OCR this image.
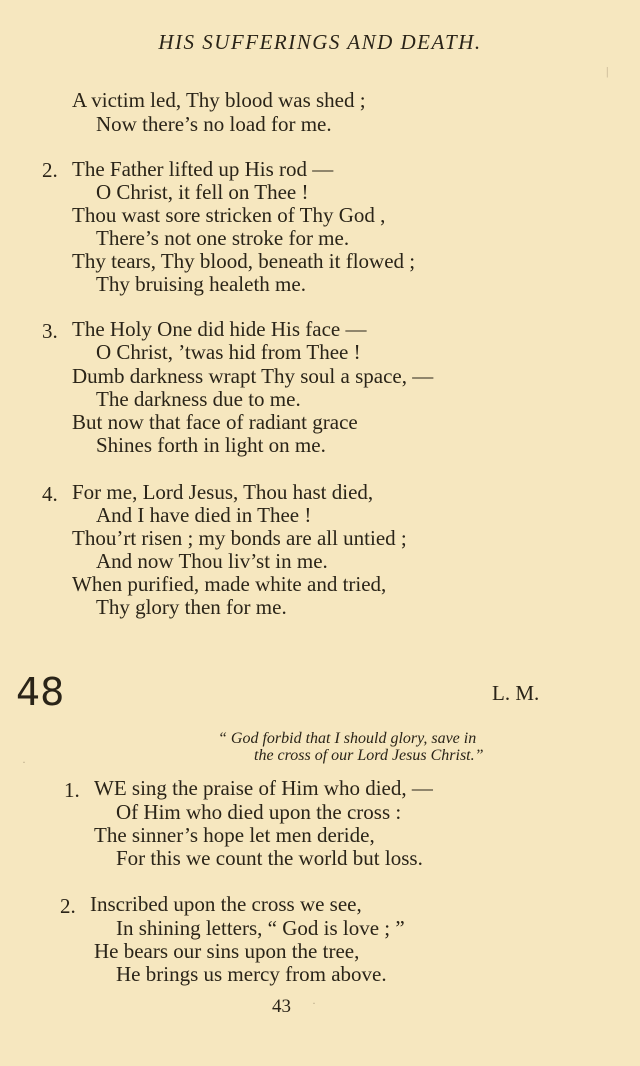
HIS SUFFERINGS AND DEATH.
A victim led, Thy blood was shed ;
Now there’s no load for me.
2. The Father lifted up His rod —
O Christ, it fell on Thee !
Thou wast sore stricken of Thy God ,
There’s not one stroke for me.
Thy tears, Thy blood, beneath it flowed ;
Thy bruising healeth me.
3. The Holy One did hide His face —
O Christ, ’twas hid from Thee !
Dumb darkness wrapt Thy soul a space, —
The darkness due to me.
But now that face of radiant grace
Shines forth in light on me.
4. For me, Lord Jesus, Thou hast died,
And I have died in Thee !
Thou’rt risen ; my bonds are all untied ;
And now Thou liv’st in me.
When purified, made white and tried,
Thy glory then for me.
48	L. M.
“ God forbid that I should glory, save in
the cross of our Lord Jesus Christ.”
1. WE sing the praise of Him who died, —
Of Him who died upon the cross :
The sinner’s hope let men deride,
For this we count the world but loss.
2. Inscribed upon the cross we see,
In shining letters, “ God is love ; ”
He bears our sins upon the tree,
He brings us mercy from above.
43
|
·
·
